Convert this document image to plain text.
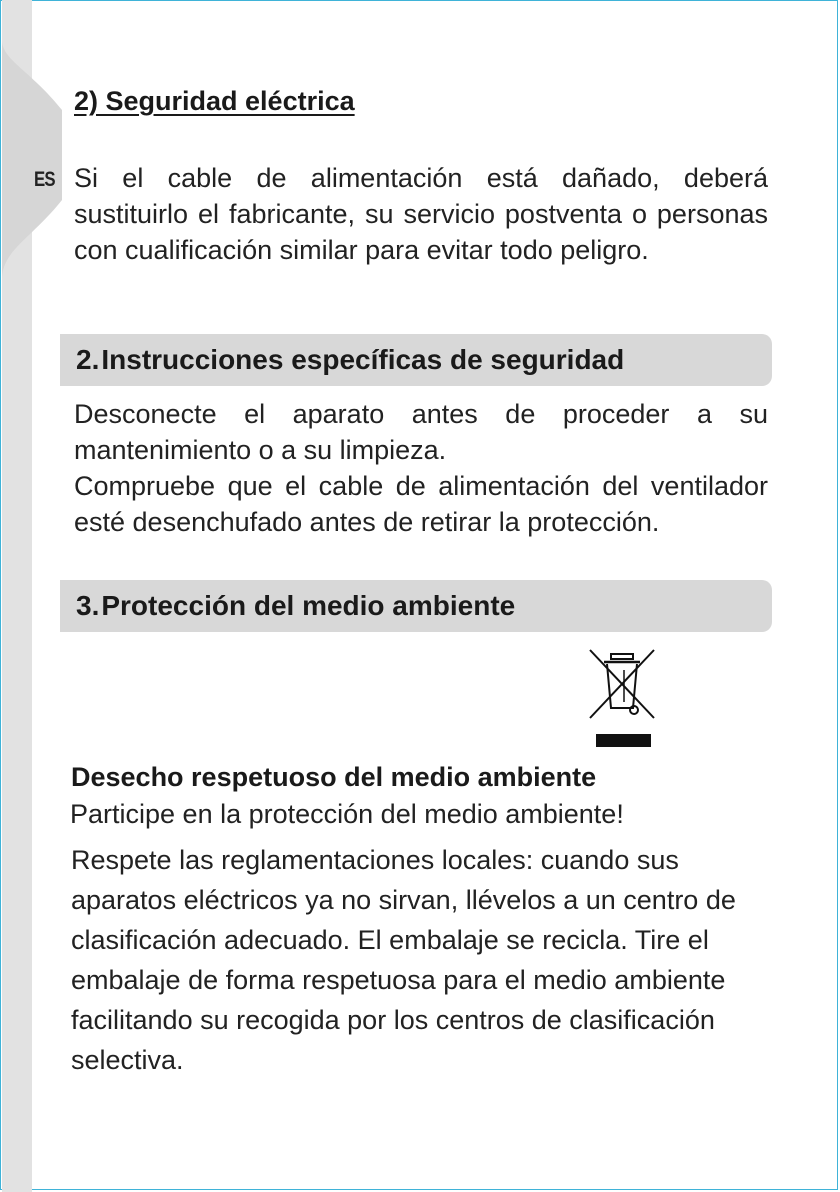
ES
2) Seguridad eléctrica

Si el cable de alimentación está dañado, deberá sustituirlo el fabricante, su servicio postventa o personas con cualificación similar para evitar todo peligro.

2. Instrucciones específicas de seguridad

Desconecte el aparato antes de proceder a su mantenimiento o a su limpieza.

Compruebe que el cable de alimentación del ventilador esté desenchufado antes de retirar la protección.

3. Protección del medio ambiente
Desecho respetuoso del medio ambiente

Participe en la protección del medio ambiente!

Respete las reglamentaciones locales: cuando sus aparatos eléctricos ya no sirvan, llévelos a un centro de clasificación adecuado. El embalaje se recicla. Tire el embalaje de forma respetuosa para el medio ambiente facilitando su recogida por los centros de clasificación selectiva.
